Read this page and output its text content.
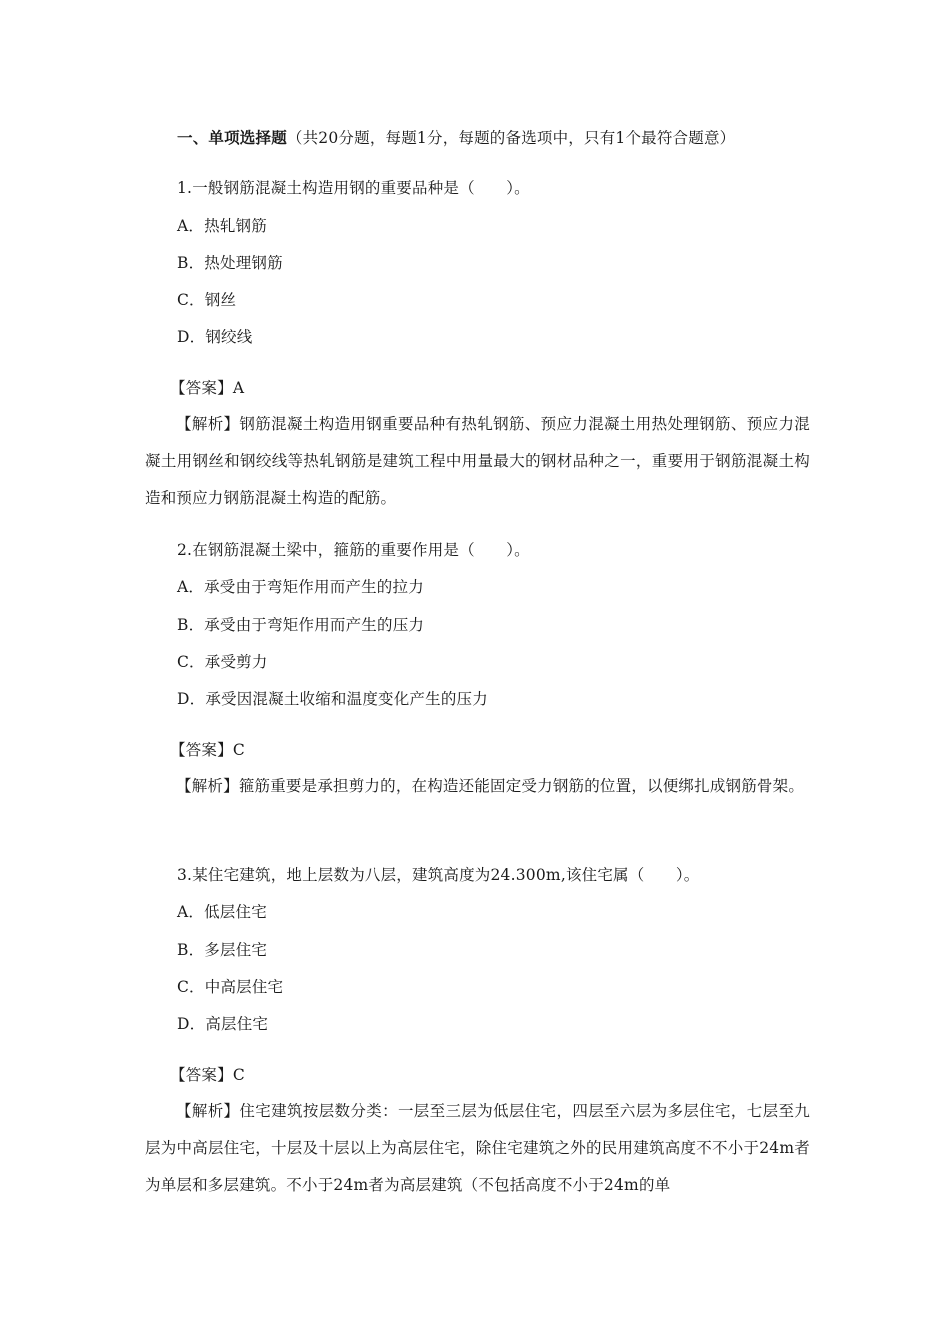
一、单项选择题（共20分题，每题1分，每题的备选项中，只有1个最符合题意）
1.一般钢筋混凝土构造用钢的重要品种是（　　）。
A．热轧钢筋
B．热处理钢筋
C．钢丝
D．钢绞线
【答案】A
【解析】钢筋混凝土构造用钢重要品种有热轧钢筋、预应力混凝土用热处理钢筋、预应力混凝土用钢丝和钢绞线等热轧钢筋是建筑工程中用量最大的钢材品种之一，重要用于钢筋混凝土构造和预应力钢筋混凝土构造的配筋。
2.在钢筋混凝土梁中，箍筋的重要作用是（　　）。
A．承受由于弯矩作用而产生的拉力
B．承受由于弯矩作用而产生的压力
C．承受剪力
D．承受因混凝土收缩和温度变化产生的压力
【答案】C
【解析】箍筋重要是承担剪力的，在构造还能固定受力钢筋的位置，以便绑扎成钢筋骨架。
3.某住宅建筑，地上层数为八层，建筑高度为24.300m,该住宅属（　　）。
A．低层住宅
B．多层住宅
C．中高层住宅
D．高层住宅
【答案】C
【解析】住宅建筑按层数分类：一层至三层为低层住宅，四层至六层为多层住宅，七层至九层为中高层住宅，十层及十层以上为高层住宅，除住宅建筑之外的民用建筑高度不不小于24m者为单层和多层建筑。不小于24m者为高层建筑（不包括高度不小于24m的单
